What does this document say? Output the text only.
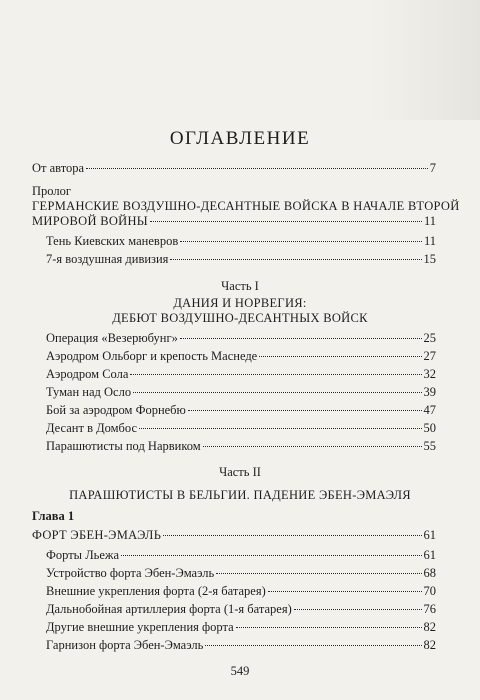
ОГЛАВЛЕНИЕ
От автора	7
Пролог
ГЕРМАНСКИЕ ВОЗДУШНО-ДЕСАНТНЫЕ ВОЙСКА В НАЧАЛЕ ВТОРОЙ
МИРОВОЙ ВОЙНЫ	11
Тень Киевских маневров	11
7-я воздушная дивизия	15
Часть I
ДАНИЯ И НОРВЕГИЯ:
ДЕБЮТ ВОЗДУШНО-ДЕСАНТНЫХ ВОЙСК
Операция «Везерюбунг»	25
Аэродром Ольборг и крепость Маснеде	27
Аэродром Сола	32
Туман над Осло	39
Бой за аэродром Форнебю	47
Десант в Домбос	50
Парашютисты под Нарвиком	55
Часть II
ПАРАШЮТИСТЫ В БЕЛЬГИИ. ПАДЕНИЕ ЭБЕН-ЭМАЭЛЯ
Глава 1
ФОРТ ЭБЕН-ЭМАЭЛЬ	61
Форты Льежа	61
Устройство форта Эбен-Эмаэль	68
Внешние укрепления форта (2-я батарея)	70
Дальнобойная артиллерия форта (1-я батарея)	76
Другие внешние укрепления форта	82
Гарнизон форта Эбен-Эмаэль	82
549
